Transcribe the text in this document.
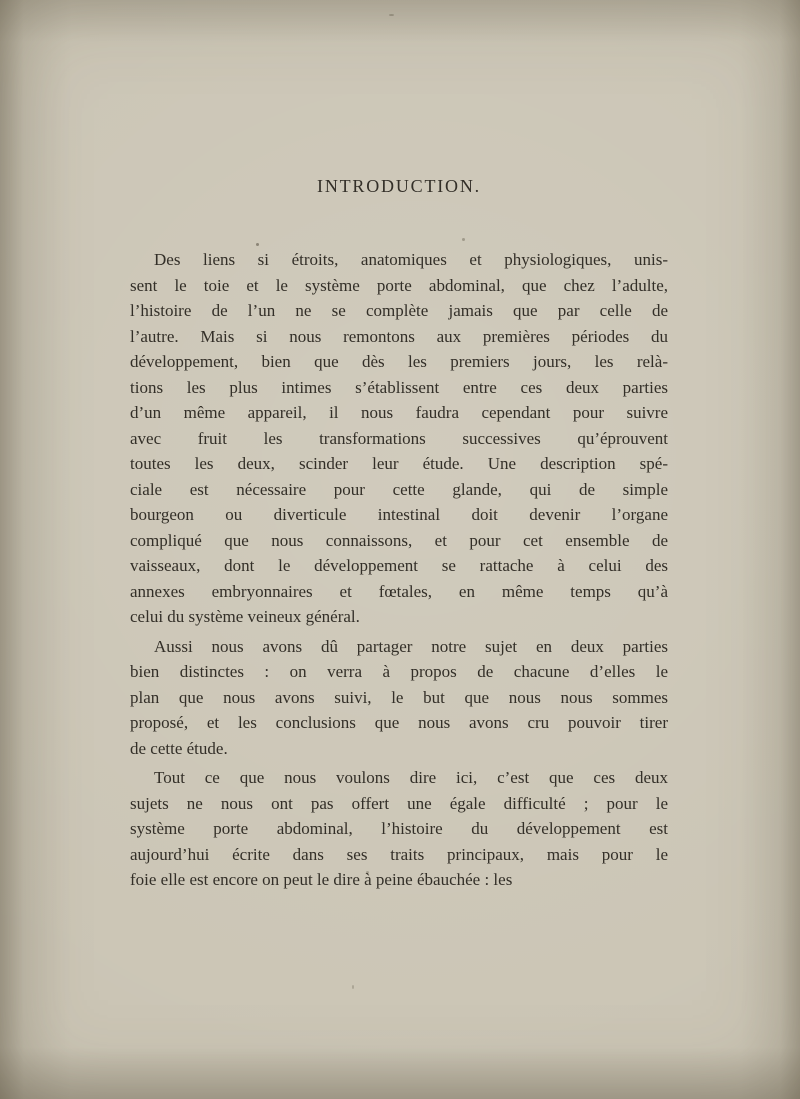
INTRODUCTION.

Des liens si étroits, anatomiques et physiologiques, unis-
sent le toie et le système porte abdominal, que chez l’adulte,
l’histoire de l’un ne se complète jamais que par celle de
l’autre. Mais si nous remontons aux premières périodes du
développement, bien que dès les premiers jours, les relà-
tions les plus intimes s’établissent entre ces deux parties
d’un même appareil, il nous faudra cependant pour suivre
avec fruit les transformations successives qu’éprouvent
toutes les deux, scinder leur étude. Une description spé-
ciale est nécessaire pour cette glande, qui de simple
bourgeon ou diverticule intestinal doit devenir l’organe
compliqué que nous connaissons, et pour cet ensemble de
vaisseaux, dont le développement se rattache à celui des
annexes embryonnaires et fœtales, en même temps qu’à
celui du système veineux général.

Aussi nous avons dû partager notre sujet en deux parties
bien distinctes : on verra à propos de chacune d’elles le
plan que nous avons suivi, le but que nous nous sommes
proposé, et les conclusions que nous avons cru pouvoir tirer
de cette étude.

Tout ce que nous voulons dire ici, c’est que ces deux
sujets ne nous ont pas offert une égale difficulté ; pour le
système porte abdominal, l’histoire du développement est
aujourd’hui écrite dans ses traits principaux, mais pour le
foie elle est encore on peut le dire à peine ébauchée : les
